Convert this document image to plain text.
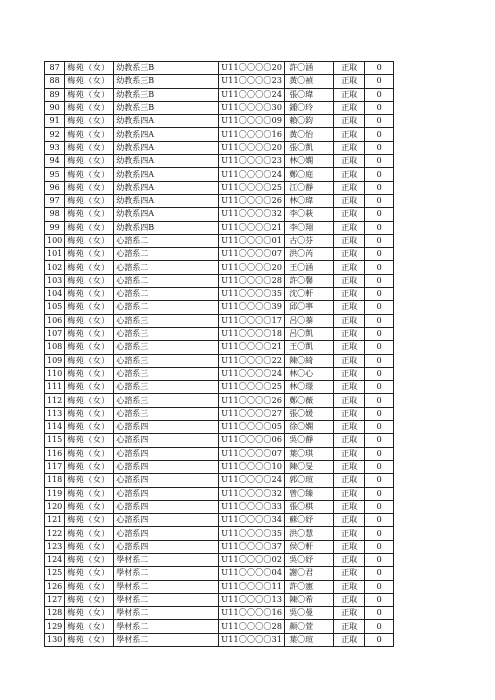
87	梅苑（女）	幼教系三B	U11〇〇〇〇20	許〇涵	正取	0
88	梅苑（女）	幼教系三B	U11〇〇〇〇23	黃〇禎	正取	0
89	梅苑（女）	幼教系三B	U11〇〇〇〇24	張〇瑋	正取	0
90	梅苑（女）	幼教系三B	U11〇〇〇〇30	鍾〇玲	正取	0
91	梅苑（女）	幼教系四A	U11〇〇〇〇09	賴〇鈞	正取	0
92	梅苑（女）	幼教系四A	U11〇〇〇〇16	黃〇怡	正取	0
93	梅苑（女）	幼教系四A	U11〇〇〇〇20	張〇凱	正取	0
94	梅苑（女）	幼教系四A	U11〇〇〇〇23	林〇嫻	正取	0
95	梅苑（女）	幼教系四A	U11〇〇〇〇24	鄭〇庭	正取	0
96	梅苑（女）	幼教系四A	U11〇〇〇〇25	江〇靜	正取	0
97	梅苑（女）	幼教系四A	U11〇〇〇〇26	林〇瑋	正取	0
98	梅苑（女）	幼教系四A	U11〇〇〇〇32	李〇萩	正取	0
99	梅苑（女）	幼教系四B	U11〇〇〇〇21	李〇翔	正取	0
100	梅苑（女）	心諮系二	U11〇〇〇〇01	古〇芬	正取	0
101	梅苑（女）	心諮系二	U11〇〇〇〇07	洪〇芮	正取	0
102	梅苑（女）	心諮系二	U11〇〇〇〇20	王〇涵	正取	0
103	梅苑（女）	心諮系二	U11〇〇〇〇28	許〇馨	正取	0
104	梅苑（女）	心諮系二	U11〇〇〇〇35	沈〇軒	正取	0
105	梅苑（女）	心諮系二	U11〇〇〇〇39	邱〇寧	正取	0
106	梅苑（女）	心諮系三	U11〇〇〇〇17	呂〇蓁	正取	0
107	梅苑（女）	心諮系三	U11〇〇〇〇18	呂〇凱	正取	0
108	梅苑（女）	心諮系三	U11〇〇〇〇21	王〇凱	正取	0
109	梅苑（女）	心諮系三	U11〇〇〇〇22	陳〇綺	正取	0
110	梅苑（女）	心諮系三	U11〇〇〇〇24	林〇心	正取	0
111	梅苑（女）	心諮系三	U11〇〇〇〇25	林〇璟	正取	0
112	梅苑（女）	心諮系三	U11〇〇〇〇26	鄭〇薇	正取	0
113	梅苑（女）	心諮系三	U11〇〇〇〇27	張〇媛	正取	0
114	梅苑（女）	心諮系四	U11〇〇〇〇05	徐〇嫻	正取	0
115	梅苑（女）	心諮系四	U11〇〇〇〇06	吳〇靜	正取	0
116	梅苑（女）	心諮系四	U11〇〇〇〇07	葉〇琪	正取	0
117	梅苑（女）	心諮系四	U11〇〇〇〇10	陳〇旻	正取	0
118	梅苑（女）	心諮系四	U11〇〇〇〇24	郭〇瑄	正取	0
119	梅苑（女）	心諮系四	U11〇〇〇〇32	曾〇臻	正取	0
120	梅苑（女）	心諮系四	U11〇〇〇〇33	張〇棋	正取	0
121	梅苑（女）	心諮系四	U11〇〇〇〇34	蘇〇妤	正取	0
122	梅苑（女）	心諮系四	U11〇〇〇〇35	洪〇慧	正取	0
123	梅苑（女）	心諮系四	U11〇〇〇〇37	侯〇軒	正取	0
124	梅苑（女）	學材系二	U11〇〇〇〇02	吳〇妤	正取	0
125	梅苑（女）	學材系二	U11〇〇〇〇04	謝〇君	正取	0
126	梅苑（女）	學材系二	U11〇〇〇〇11	許〇憲	正取	0
127	梅苑（女）	學材系二	U11〇〇〇〇13	陳〇希	正取	0
128	梅苑（女）	學材系二	U11〇〇〇〇16	吳〇曼	正取	0
129	梅苑（女）	學材系二	U11〇〇〇〇28	顏〇萱	正取	0
130	梅苑（女）	學材系二	U11〇〇〇〇31	葉〇瑄	正取	0
